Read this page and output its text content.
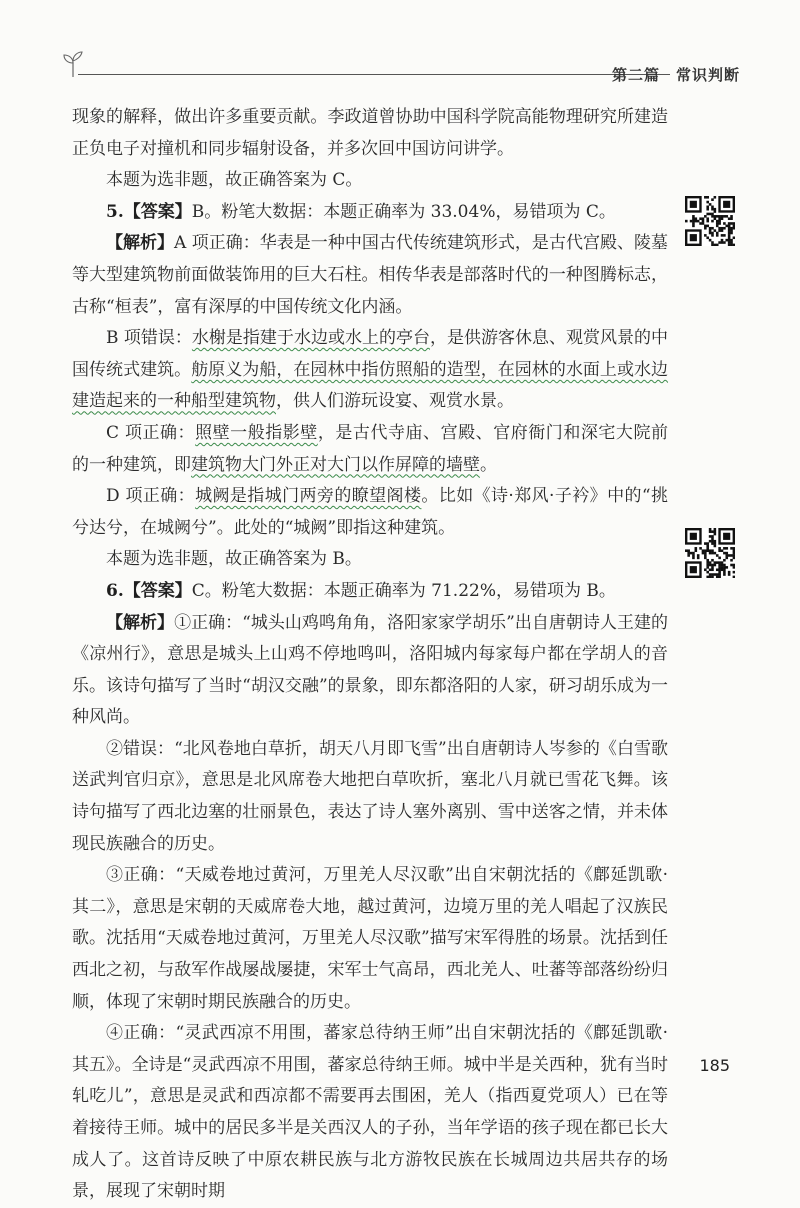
第二篇　常识判断

现象的解释，做出许多重要贡献。李政道曾协助中国科学院高能物理研究所建造正负电子对撞机和同步辐射设备，并多次回中国访问讲学。

本题为选非题，故正确答案为 C。

5.【答案】B。粉笔大数据：本题正确率为 33.04%，易错项为 C。

【解析】A 项正确：华表是一种中国古代传统建筑形式，是古代宫殿、陵墓等大型建筑物前面做装饰用的巨大石柱。相传华表是部落时代的一种图腾标志，古称“桓表”，富有深厚的中国传统文化内涵。

B 项错误：水榭是指建于水边或水上的亭台，是供游客休息、观赏风景的中国传统式建筑。舫原义为船，在园林中指仿照船的造型，在园林的水面上或水边建造起来的一种船型建筑物，供人们游玩设宴、观赏水景。

C 项正确：照壁一般指影壁，是古代寺庙、宫殿、官府衙门和深宅大院前的一种建筑，即建筑物大门外正对大门以作屏障的墙壁。

D 项正确：城阙是指城门两旁的瞭望阁楼。比如《诗·郑风·子衿》中的“挑兮达兮，在城阙兮”。此处的“城阙”即指这种建筑。

本题为选非题，故正确答案为 B。

6.【答案】C。粉笔大数据：本题正确率为 71.22%，易错项为 B。

【解析】①正确：“城头山鸡鸣角角，洛阳家家学胡乐”出自唐朝诗人王建的《凉州行》，意思是城头上山鸡不停地鸣叫，洛阳城内每家每户都在学胡人的音乐。该诗句描写了当时“胡汉交融”的景象，即东都洛阳的人家，研习胡乐成为一种风尚。

②错误：“北风卷地白草折，胡天八月即飞雪”出自唐朝诗人岑参的《白雪歌送武判官归京》，意思是北风席卷大地把白草吹折，塞北八月就已雪花飞舞。该诗句描写了西北边塞的壮丽景色，表达了诗人塞外离别、雪中送客之情，并未体现民族融合的历史。

③正确：“天威卷地过黄河，万里羌人尽汉歌”出自宋朝沈括的《鄜延凯歌·其二》，意思是宋朝的天威席卷大地，越过黄河，边境万里的羌人唱起了汉族民歌。沈括用“天威卷地过黄河，万里羌人尽汉歌”描写宋军得胜的场景。沈括到任西北之初，与敌军作战屡战屡捷，宋军士气高昂，西北羌人、吐蕃等部落纷纷归顺，体现了宋朝时期民族融合的历史。

④正确：“灵武西凉不用围，蕃家总待纳王师”出自宋朝沈括的《鄜延凯歌·其五》。全诗是“灵武西凉不用围，蕃家总待纳王师。城中半是关西种，犹有当时轧吃儿”，意思是灵武和西凉都不需要再去围困，羌人（指西夏党项人）已在等着接待王师。城中的居民多半是关西汉人的子孙，当年学语的孩子现在都已长大成人了。这首诗反映了中原农耕民族与北方游牧民族在长城周边共居共存的场景，展现了宋朝时期

185
